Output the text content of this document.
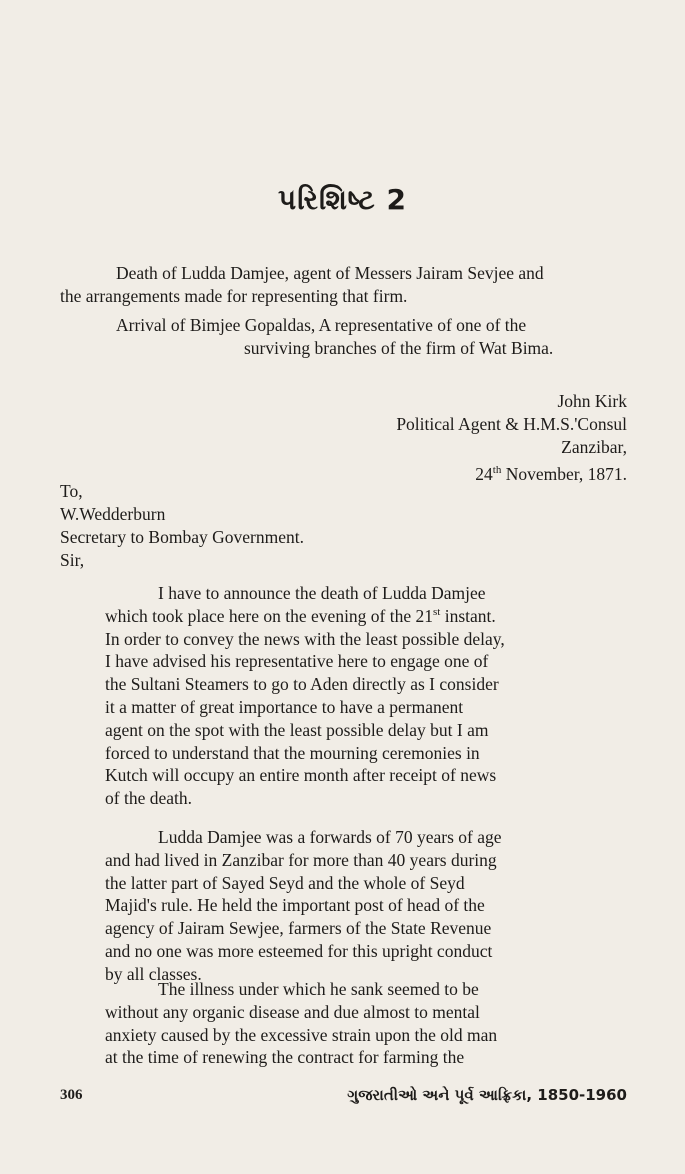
પરિશિષ્ટ 2
Death of Ludda Damjee, agent of Messers Jairam Sevjee and
the arrangements made for representing that firm.
Arrival of Bimjee Gopaldas, A representative of one of the
surviving branches of the firm of Wat Bima.
John Kirk
Political Agent & H.M.S.'Consul
Zanzibar,
24th November, 1871.
To,
W.Wedderburn
Secretary to Bombay Government.
Sir,
I have to announce the death of Ludda Damjee
which took place here on the evening of the 21st instant.
In order to convey the news with the least possible delay,
I have advised his representative here to engage one of
the Sultani Steamers to go to Aden directly as I consider
it a matter of great importance to have a permanent
agent on the spot with the least possible delay but I am
forced to understand that the mourning ceremonies in
Kutch will occupy an entire month after receipt of news
of the death.
Ludda Damjee was a forwards of 70 years of age
and had lived in Zanzibar for more than 40 years during
the latter part of Sayed Seyd and the whole of Seyd
Majid's rule. He held the important post of head of the
agency of Jairam Sewjee, farmers of the State Revenue
and no one was more esteemed for this upright conduct
by all classes.
The illness under which he sank seemed to be
without any organic disease and due almost to mental
anxiety caused by the excessive strain upon the old man
at the time of renewing the contract for farming the
306	ગુજરાતીઓ અને પૂર્વ આફ્રિકા, 1850-1960
